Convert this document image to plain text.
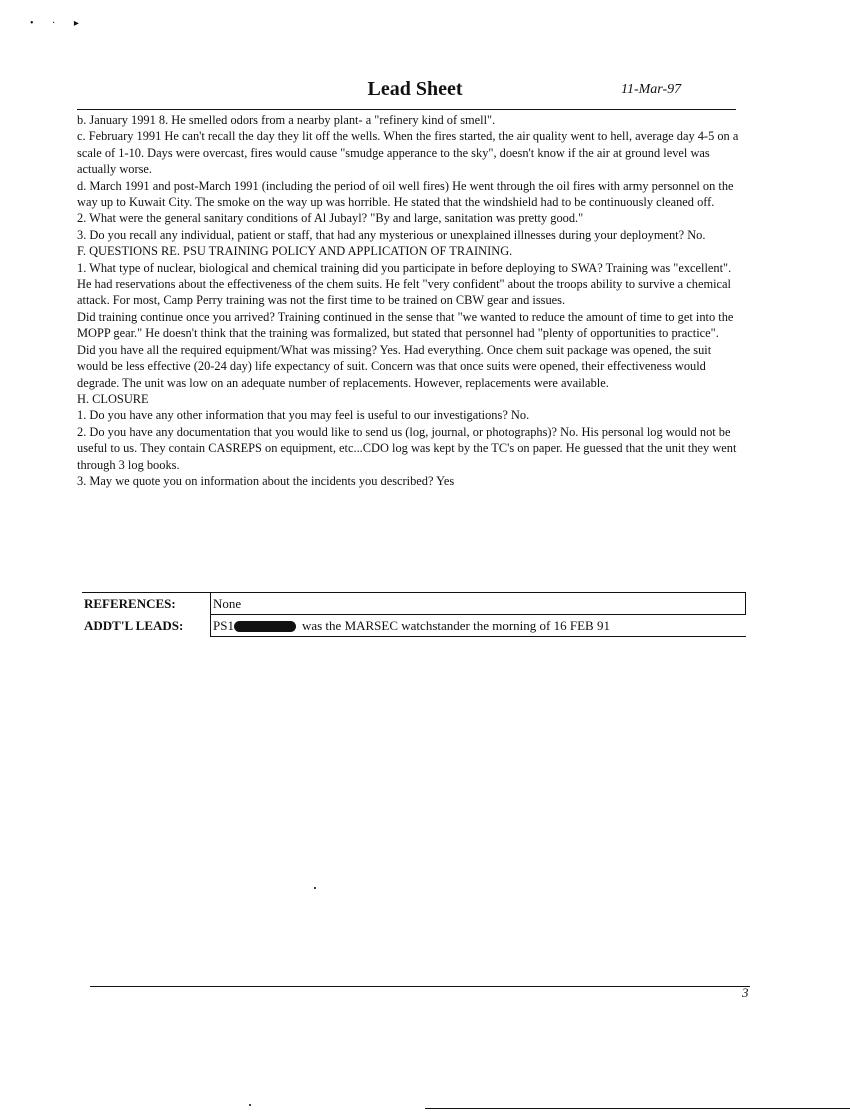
• · ▸
Lead Sheet	11-Mar-97

b. January 1991 8. He smelled odors from a nearby plant- a "refinery kind of smell".

c. February 1991 He can't recall the day they lit off the wells. When the fires started, the air quality went to hell, average day 4-5 on a scale of 1-10. Days were overcast, fires would cause "smudge apperance to the sky", doesn't know if the air at ground level was actually worse.

d. March 1991 and post-March 1991 (including the period of oil well fires) He went through the oil fires with army personnel on the way up to Kuwait City. The smoke on the way up was horrible. He stated that the windshield had to be continuously cleaned off.

2. What were the general sanitary conditions of Al Jubayl? "By and large, sanitation was pretty good."

3. Do you recall any individual, patient or staff, that had any mysterious or unexplained illnesses during your deployment? No.

F. QUESTIONS RE. PSU TRAINING POLICY AND APPLICATION OF TRAINING.

1. What type of nuclear, biological and chemical training did you participate in before deploying to SWA? Training was "excellent". He had reservations about the effectiveness of the chem suits. He felt "very confident" about the troops ability to survive a chemical attack. For most, Camp Perry training was not the first time to be trained on CBW gear and issues.

Did training continue once you arrived? Training continued in the sense that "we wanted to reduce the amount of time to get into the MOPP gear." He doesn't think that the training was formalized, but stated that personnel had "plenty of opportunities to practice".

Did you have all the required equipment/What was missing? Yes. Had everything. Once chem suit package was opened, the suit would be less effective (20-24 day) life expectancy of suit. Concern was that once suits were opened, their effectiveness would degrade. The unit was low on an adequate number of replacements. However, replacements were available.

H. CLOSURE

1. Do you have any other information that you may feel is useful to our investigations? No.

2. Do you have any documentation that you would like to send us (log, journal, or photographs)? No. His personal log would not be useful to us. They contain CASREPS on equipment, etc...CDO log was kept by the TC's on paper. He guessed that the unit they went through 3 log books.

3. May we quote you on information about the incidents you described? Yes

REFERENCES:	None
ADDT'L LEADS:	PS1 was the MARSEC watchstander the morning of 16 FEB 91
3
